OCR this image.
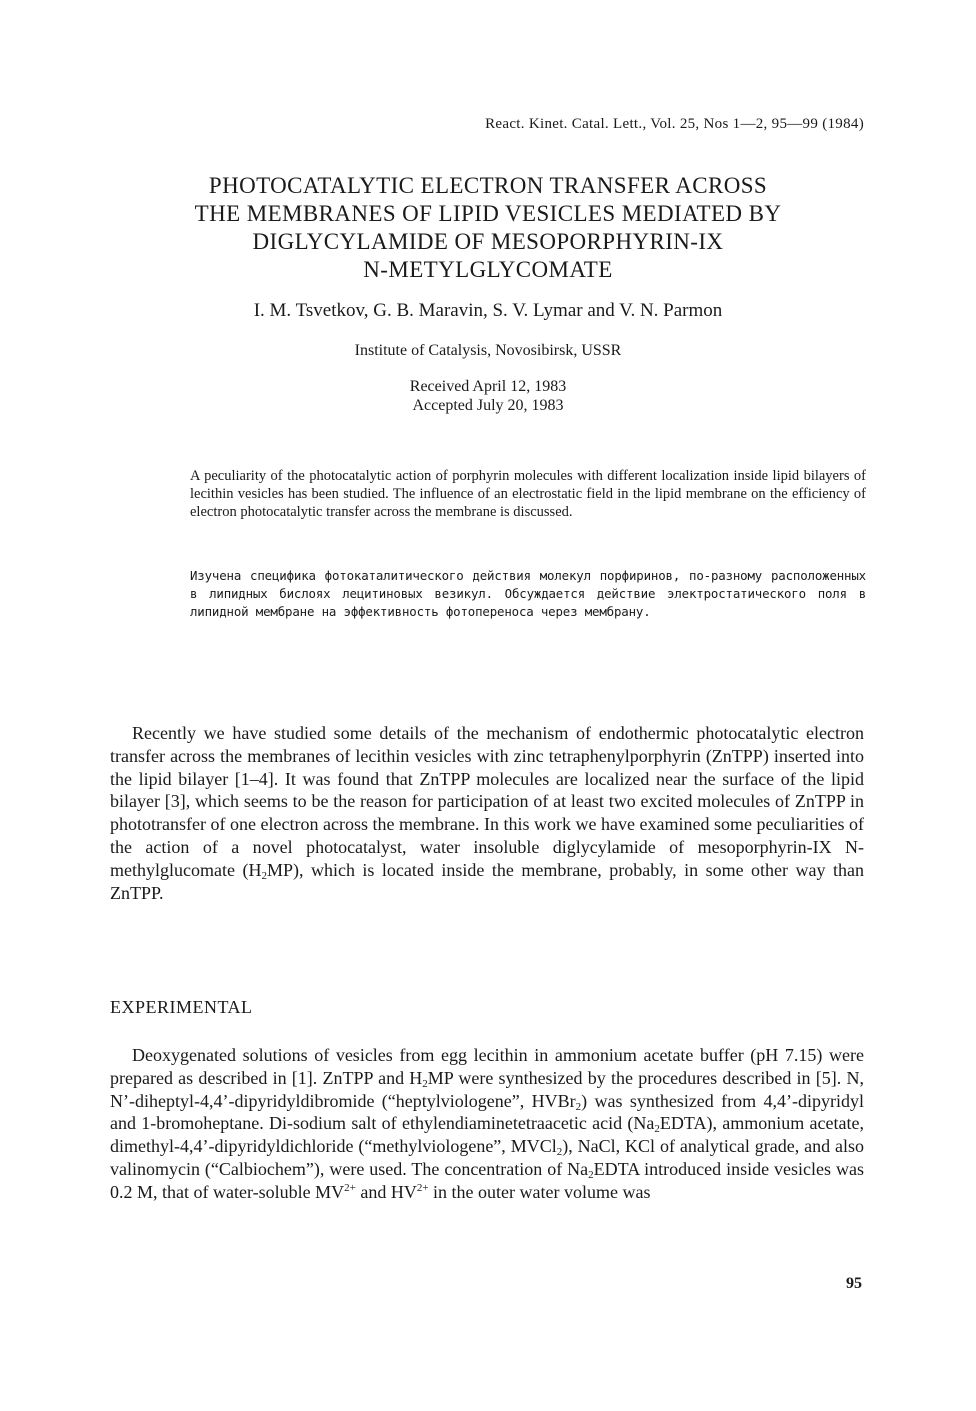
React. Kinet. Catal. Lett., Vol. 25, Nos 1—2, 95—99 (1984)
PHOTOCATALYTIC ELECTRON TRANSFER ACROSS
THE MEMBRANES OF LIPID VESICLES MEDIATED BY
DIGLYCYLAMIDE OF MESOPORPHYRIN-IX
N-METYLGLYCOMATE
I. M. Tsvetkov, G. B. Maravin, S. V. Lymar and V. N. Parmon
Institute of Catalysis, Novosibirsk, USSR
Received April 12, 1983
Accepted July 20, 1983

A peculiarity of the photocatalytic action of porphyrin molecules with different localization inside lipid bilayers of lecithin vesicles has been studied. The influence of an electrostatic field in the lipid membrane on the efficiency of electron photocatalytic transfer across the membrane is discussed.

Изучена специфика фотокаталитического действия молекул порфиринов, по-разному расположенных в липидных бислоях лецитиновых везикул. Обсуждается действие электростатического поля в липидной мембране на эффективность фотопереноса через мембрану.

Recently we have studied some details of the mechanism of endothermic photocatalytic electron transfer across the membranes of lecithin vesicles with zinc tetraphenylporphyrin (ZnTPP) inserted into the lipid bilayer [1–4]. It was found that ZnTPP molecules are localized near the surface of the lipid bilayer [3], which seems to be the reason for participation of at least two excited molecules of ZnTPP in phototransfer of one electron across the membrane. In this work we have examined some peculiarities of the action of a novel photocatalyst, water insoluble diglycylamide of mesoporphyrin-IX N-methylglucomate $(H_2MP)$, which is located inside the membrane, probably, in some other way than ZnTPP.

EXPERIMENTAL

Deoxygenated solutions of vesicles from egg lecithin in ammonium acetate buffer (pH 7.15) were prepared as described in [1]. ZnTPP and $H_2MP$ were synthesized by the procedures described in [5]. N, N’-diheptyl-4,4’-dipyridyldibromide (“heptylviologene”, HVBr$_2$) was synthesized from 4,4’-dipyridyl and 1-bromoheptane. Di-sodium salt of ethylendiaminetetraacetic acid $(Na_2EDTA)$, ammonium acetate, dimethyl-4,4’-dipyridyldichloride (“methylviologene”, MVCl$_2$), NaCl, KCl of analytical grade, and also valinomycin (“Calbiochem”), were used. The concentration of $Na_2EDTA$ introduced inside vesicles was 0.2 M, that of water-soluble $MV^{2+}$ and $HV^{2+}$ in the outer water volume was

95
